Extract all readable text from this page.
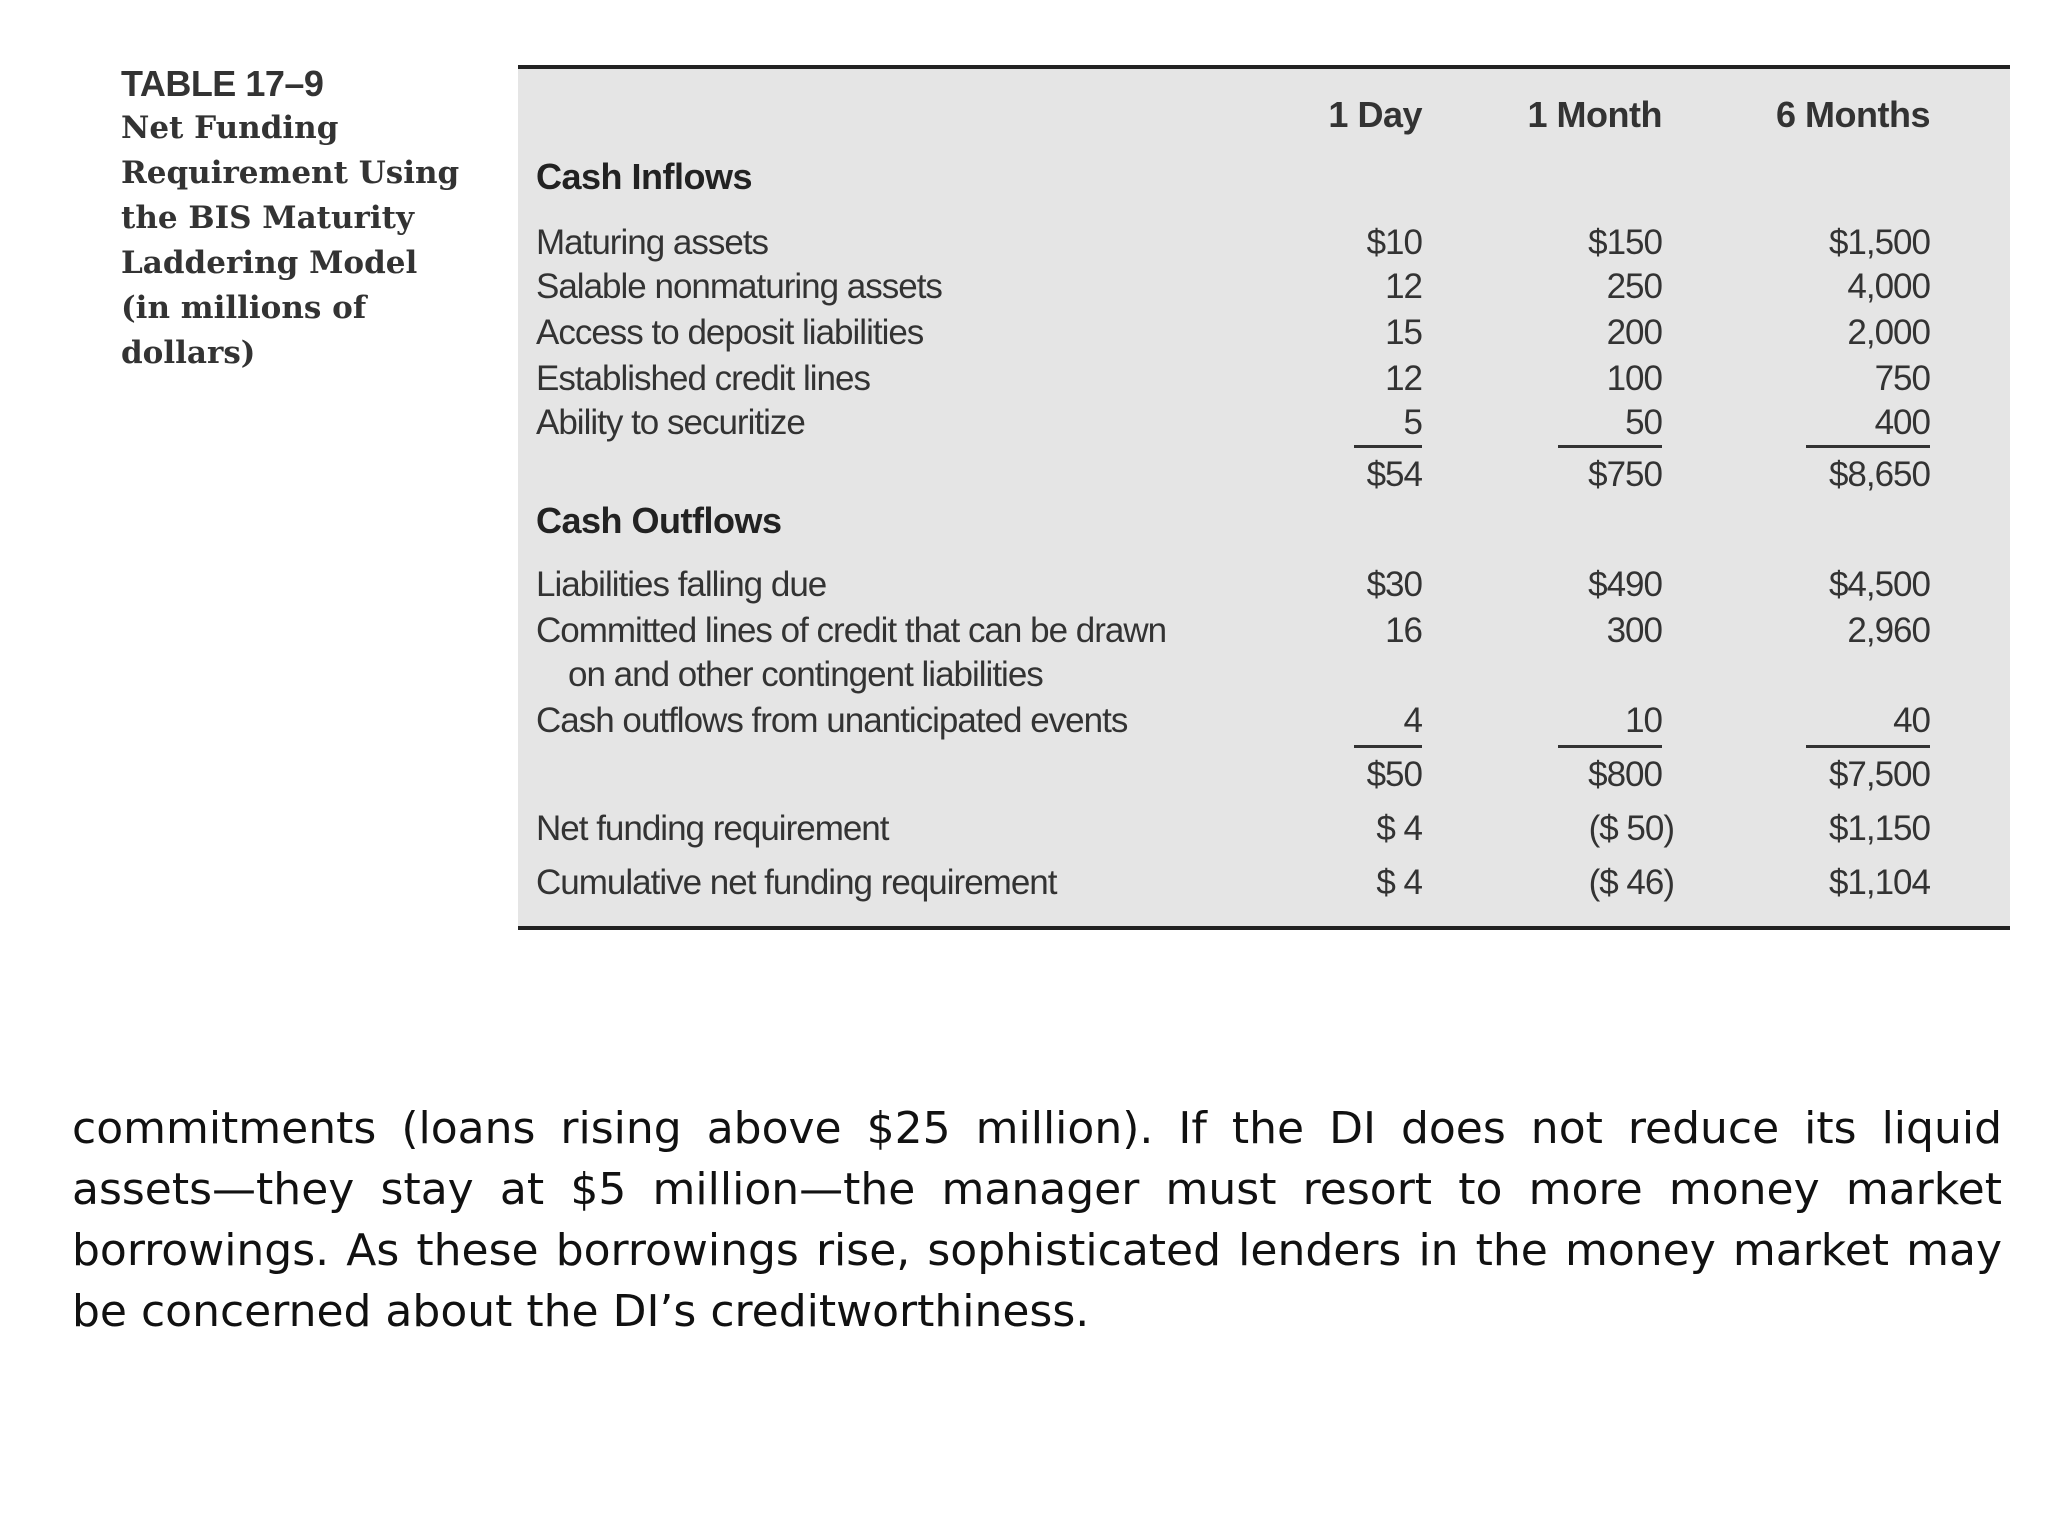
TABLE 17–9
Net Funding
Requirement Using
the BIS Maturity
Laddering Model
(in millions of
dollars)
1 Day	1 Month	6 Months
Cash Inflows
Maturing assets	$10	$150	$1,500
Salable nonmaturing assets	12	250	4,000
Access to deposit liabilities	15	200	2,000
Established credit lines	12	100	750
Ability to securitize	5	50	400
$54	$750	$8,650
Cash Outflows
Liabilities falling due	$30	$490	$4,500
Committed lines of credit that can be drawn
on and other contingent liabilities
16	300	2,960
Cash outflows from unanticipated events	4	10	40
$50	$800	$7,500
Net funding requirement	$ 4	($ 50)	$1,150
Cumulative net funding requirement	$ 4	($ 46)	$1,104
commitments (loans rising above $25 million). If the DI does not reduce its liquid assets—they stay at $5 million—the manager must resort to more money market borrowings. As these borrowings rise, sophisticated lenders in the money market may be concerned about the DI’s creditworthiness.
